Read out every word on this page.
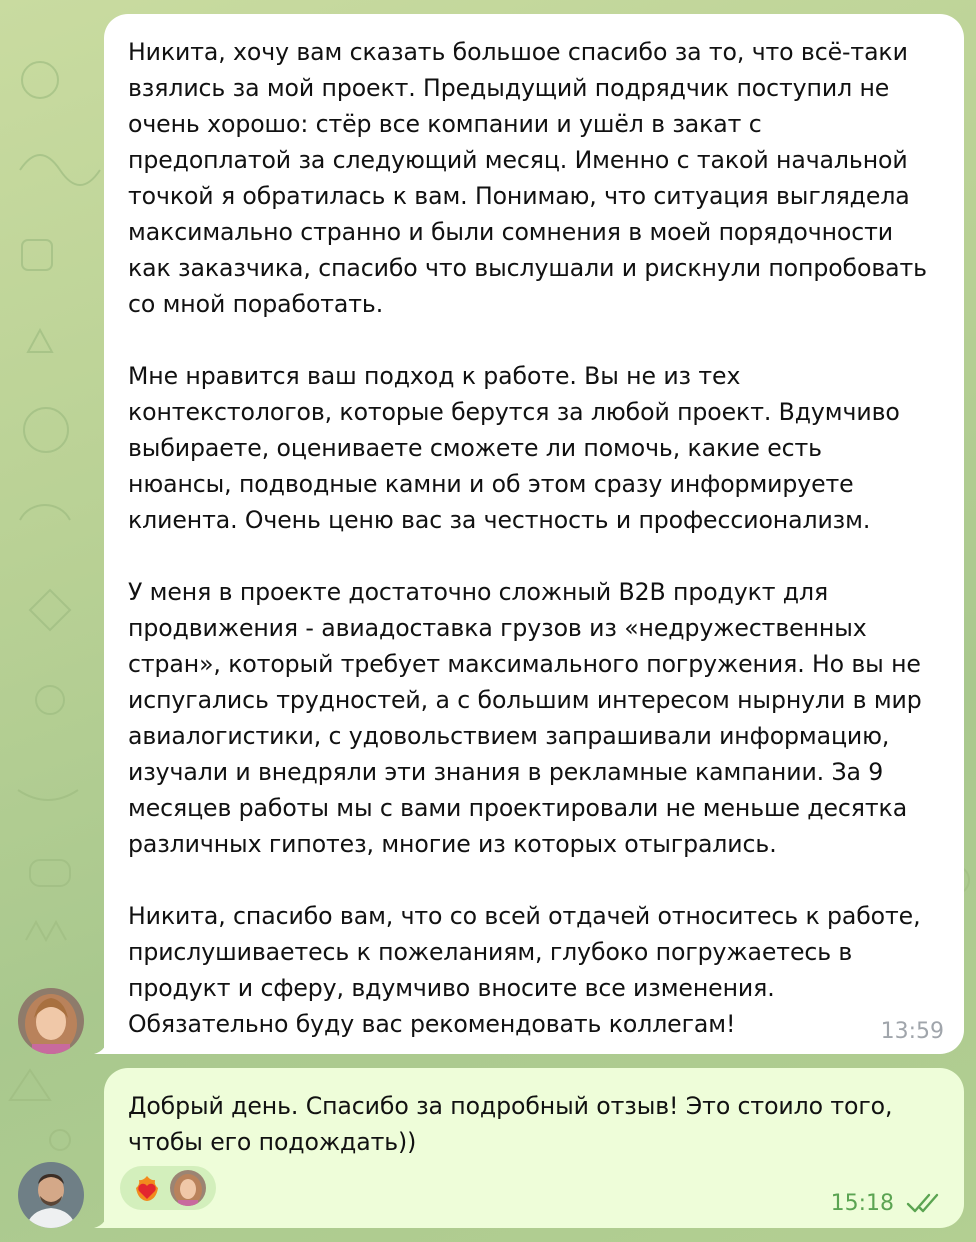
Никита, хочу вам сказать большое спасибо за то, что всё-таки
взялись за мой проект. Предыдущий подрядчик поступил не
очень хорошо: стёр все компании и ушёл в закат с
предоплатой за следующий месяц. Именно с такой начальной
точкой я обратилась к вам. Понимаю, что ситуация выглядела
максимально странно и были сомнения в моей порядочности
как заказчика, спасибо что выслушали и рискнули попробовать
со мной поработать.

Мне нравится ваш подход к работе. Вы не из тех
контекстологов, которые берутся за любой проект. Вдумчиво
выбираете, оцениваете сможете ли помочь, какие есть
нюансы, подводные камни и об этом сразу информируете
клиента. Очень ценю вас за честность и профессионализм.

У меня в проекте достаточно сложный B2B продукт для
продвижения - авиадоставка грузов из «недружественных
стран», который требует максимального погружения. Но вы не
испугались трудностей, а с большим интересом нырнули в мир
авиалогистики, с удовольствием запрашивали информацию,
изучали и внедряли эти знания в рекламные кампании. За 9
месяцев работы мы с вами проектировали не меньше десятка
различных гипотез, многие из которых отыгрались.

Никита, спасибо вам, что со всей отдачей относитесь к работе,
прислушиваетесь к пожеланиям, глубоко погружаетесь в
продукт и сферу, вдумчиво вносите все изменения.
Обязательно буду вас рекомендовать коллегам!	13:59
Добрый день. Спасибо за подробный отзыв! Это стоило того,
чтобы его подождать))
15:18
